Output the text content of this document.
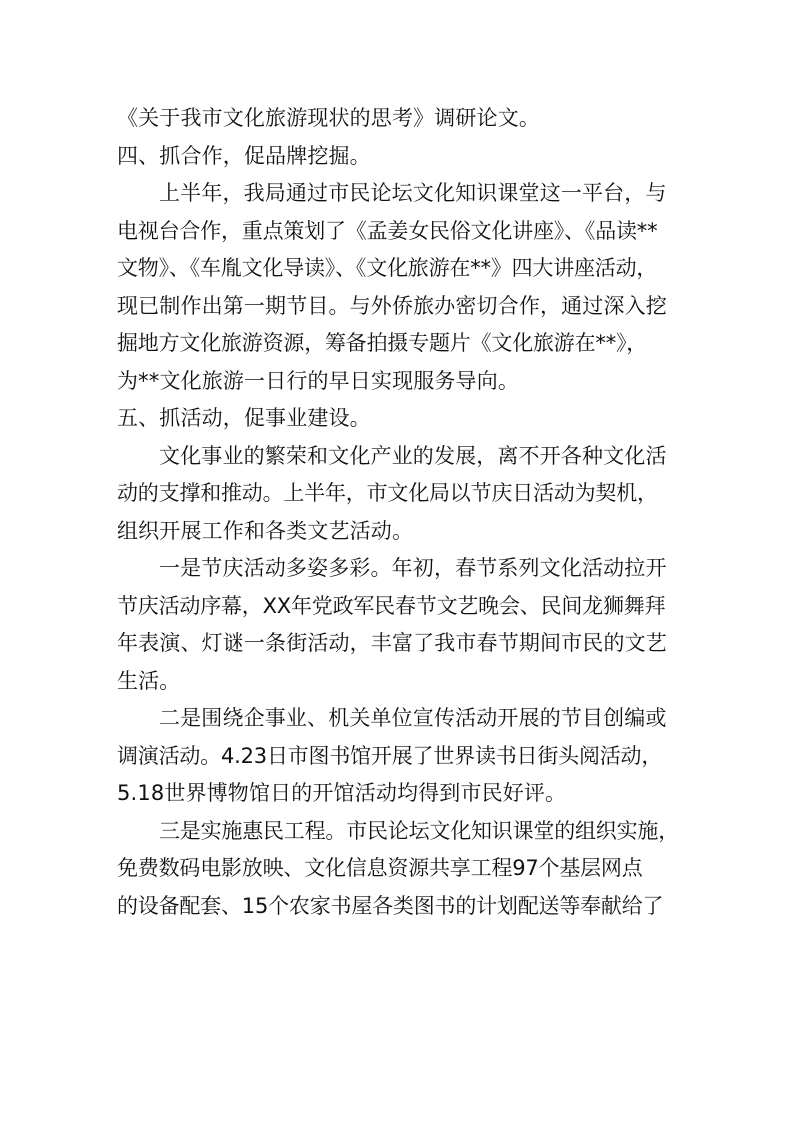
《关于我市文化旅游现状的思考》调研论文。
四、抓合作，促品牌挖掘。
上半年，我局通过市民论坛文化知识课堂这一平台，与
电视台合作，重点策划了《孟姜女民俗文化讲座》、《品读**
文物》、《车胤文化导读》、《文化旅游在**》四大讲座活动，
现已制作出第一期节目。与外侨旅办密切合作，通过深入挖
掘地方文化旅游资源，筹备拍摄专题片《文化旅游在**》，
为**文化旅游一日行的早日实现服务导向。
五、抓活动，促事业建设。
文化事业的繁荣和文化产业的发展，离不开各种文化活
动的支撑和推动。上半年，市文化局以节庆日活动为契机，
组织开展工作和各类文艺活动。
一是节庆活动多姿多彩。年初，春节系列文化活动拉开
节庆活动序幕，XX年党政军民春节文艺晚会、民间龙狮舞拜
年表演、灯谜一条街活动，丰富了我市春节期间市民的文艺
生活。
二是围绕企事业、机关单位宣传活动开展的节目创编或
调演活动。4.23日市图书馆开展了世界读书日街头阅活动，
5.18世界博物馆日的开馆活动均得到市民好评。
三是实施惠民工程。市民论坛文化知识课堂的组织实施，
免费数码电影放映、文化信息资源共享工程97个基层网点
的设备配套、15个农家书屋各类图书的计划配送等奉献给了
